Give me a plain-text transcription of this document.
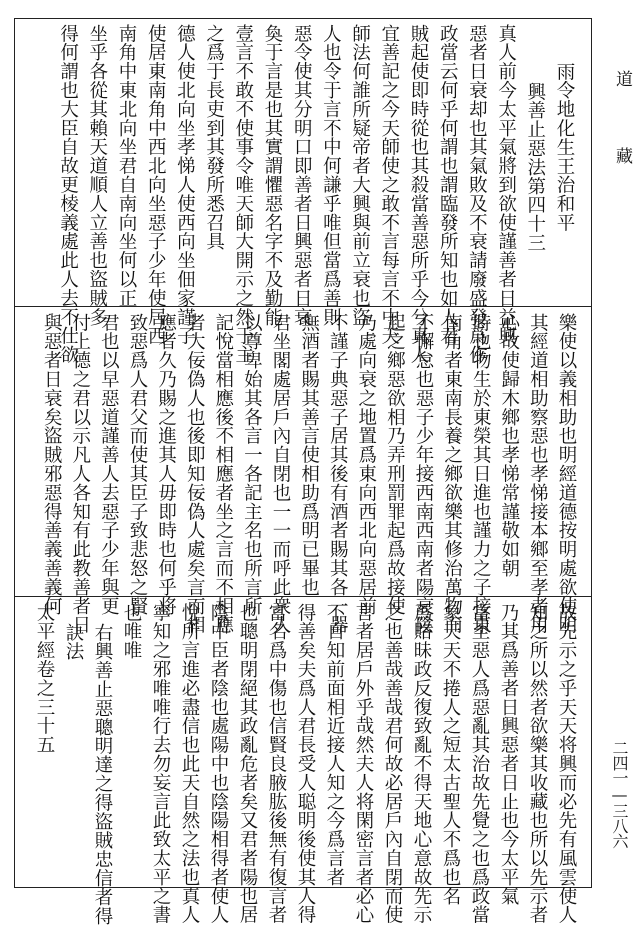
雨令地化生王治和平
興善止惡法第四十三
真人前今太平氣將到欲使謹善者日益興
惡者日衰却也其氣敗及不衰請廢盛發爲作
政當云何乎何謂也謂臨發所知也如人君
賊起使即時從也其殺當善惡所乎今兮真人
宜善記之今天師使之敢不言每言不中天
師法何誰所疑帝者大興與前立衰也盜
人也令于言不中何謙乎唯但當爲善則
惡令使其分明口即善者日興惡者日衰
奐于言是也其實謂懼惡名字不及勤能
壹言不敢不使事令唯天師大開示之然于主
之爲于長吏到其發所悉召具
德人使北向坐孝悌人使西向坐佃家謹子
使居東南角中西北向坐惡子少年使居西
南角中東北向坐君自南向坐何以正
坐乎各從其賴天道順人立善也盜賊多
得何謂也大臣自故更棱義處此人去不仕欲
樂使以義相助也明經道德按明處欲使明
其經道相助察惡也孝悌接本鄉至孝者用
心故使歸木鄉也孝悌常謹敬如朝
時也物生於東榮其日進也謹力之子接東
南角者東南長養之鄉欲樂其修治萬物而
不懈怠也惡子少年接西南西南者陽衰陰
起之鄉惡欲相乃弄刑罰罪起爲故接使
乃處向衰之地置爲東向西北向惡居前
不謹子典惡子居其後有酒者賜其各一器
無酒者賜其善言使相助爲明已畢也
君坐閣處居戶內自閉也一一而呼此衆人
以尊卑始其各言一各記主名也所言所
記悅當相應後不相應者坐之言而不相應
者大佞偽人也後即知佞偽人處矣言而相
應者久乃賜之進其人毋即時也何乎将
致惡爲人君父而使其臣子致悲怒之賢
君也以早惡道謹善人去惡子少年與更
付上德之君以示凡人各知有此教善者日
與惡者日衰矣盜賊邪惡得善義善義何
故先示之乎天天将興而必先有風雲使人
知之所以然者欲樂其收藏也所以先示者
乃其爲善者日興惡者日止也今太平氣
當至惡人爲惡亂其治故先覺之也爲政當
象天天不捲人之短太古聖人不爲也名
爲賂昧政反復致亂不得天地心意故先示
之也善哉善哉君何故必居戶內自閉而使
言者居戶外乎哉然夫人将閑密言者必心
不自知前面相近接人知之今爲言者
得善矣夫爲人君長受人聪明後使其人得
富名爲中傷也信賢良腋肱後無有復言者
也聰明閉絕其政亂危者矣又君者陽也居
陰中臣者陰也處陽中也陰陽相得者使人
悅所言進必盡信也此天自然之法也真人
寧知之邪唯唯行去勿妄言此致太平之書
也唯唯
右興善止惡聰明達之得盜賊忠信者得
訣法
太平經卷之三十五
道 藏
二四一—三八六
